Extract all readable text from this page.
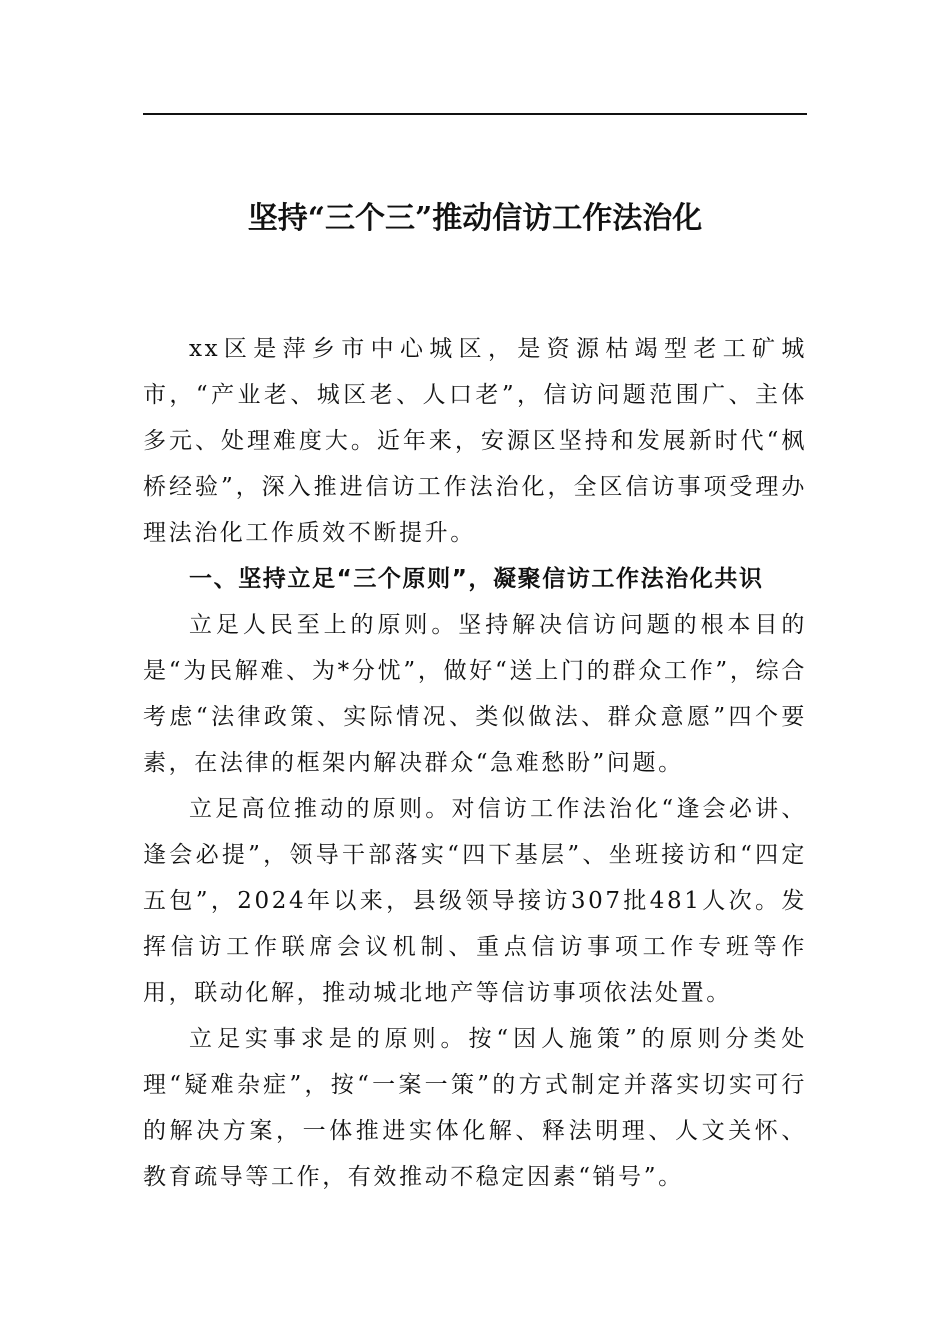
坚持“三个三”推动信访工作法治化

xx区是萍乡市中心城区，是资源枯竭型老工矿城市，“产业老、城区老、人口老”，信访问题范围广、主体多元、处理难度大。近年来，安源区坚持和发展新时代“枫桥经验”，深入推进信访工作法治化，全区信访事项受理办理法治化工作质效不断提升。

一、坚持立足“三个原则”，凝聚信访工作法治化共识

立足人民至上的原则。坚持解决信访问题的根本目的是“为民解难、为*分忧”，做好“送上门的群众工作”，综合考虑“法律政策、实际情况、类似做法、群众意愿”四个要素，在法律的框架内解决群众“急难愁盼”问题。

立足高位推动的原则。对信访工作法治化“逢会必讲、逢会必提”，领导干部落实“四下基层”、坐班接访和“四定五包”，2024年以来，县级领导接访307批481人次。发挥信访工作联席会议机制、重点信访事项工作专班等作用，联动化解，推动城北地产等信访事项依法处置。

立足实事求是的原则。按“因人施策”的原则分类处理“疑难杂症”，按“一案一策”的方式制定并落实切实可行的解决方案，一体推进实体化解、释法明理、人文关怀、教育疏导等工作，有效推动不稳定因素“销号”。
